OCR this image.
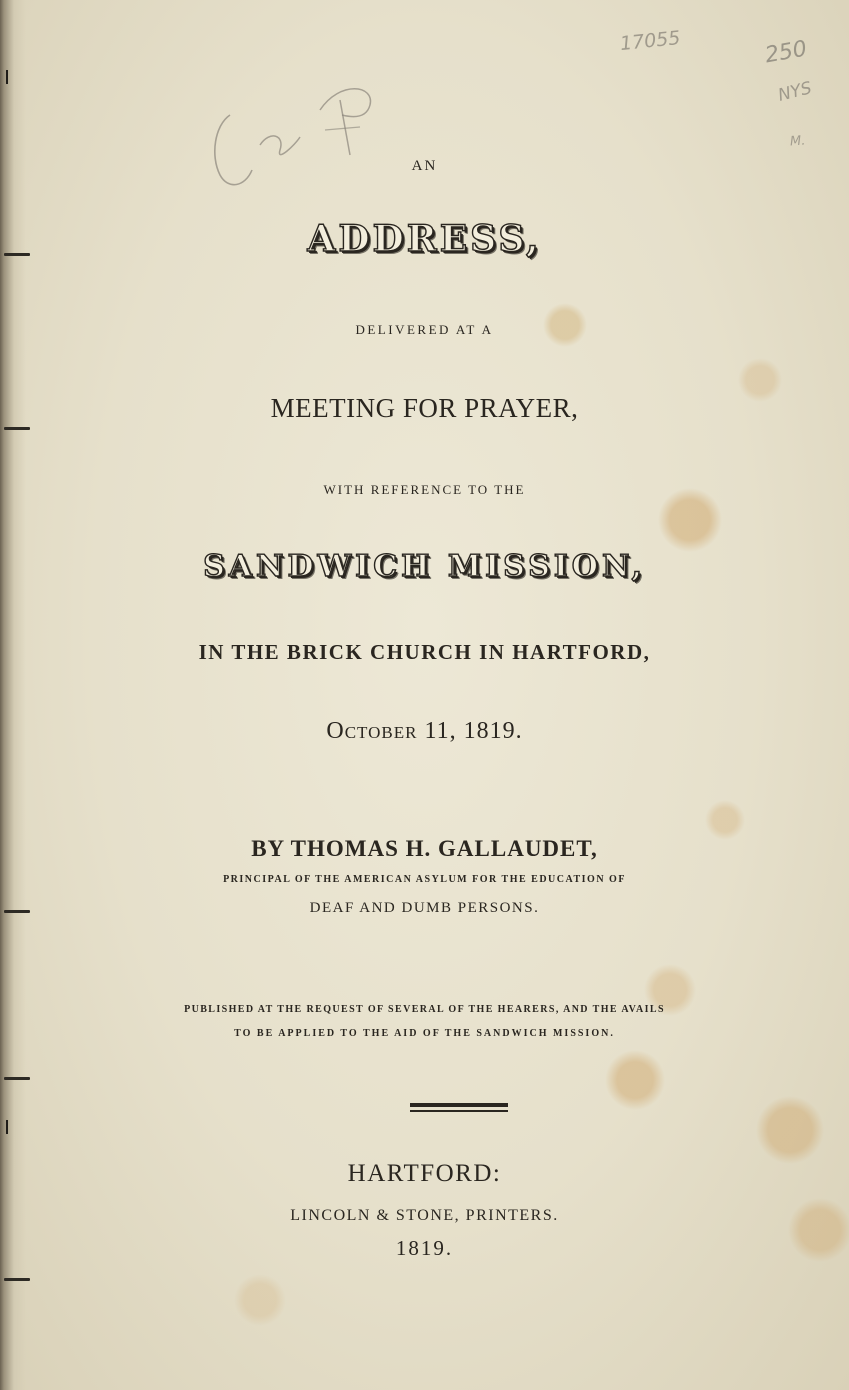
17055	250
NYS
M.
AN
ADDRESS,
DELIVERED AT A
MEETING FOR PRAYER,
WITH REFERENCE TO THE
SANDWICH MISSION,
IN THE BRICK CHURCH IN HARTFORD,
October 11, 1819.
BY THOMAS H. GALLAUDET,
PRINCIPAL OF THE AMERICAN ASYLUM FOR THE EDUCATION OF
DEAF AND DUMB PERSONS.
PUBLISHED AT THE REQUEST OF SEVERAL OF THE HEARERS, AND THE AVAILS
TO BE APPLIED TO THE AID OF THE SANDWICH MISSION.
HARTFORD:
LINCOLN & STONE, PRINTERS.
1819.
